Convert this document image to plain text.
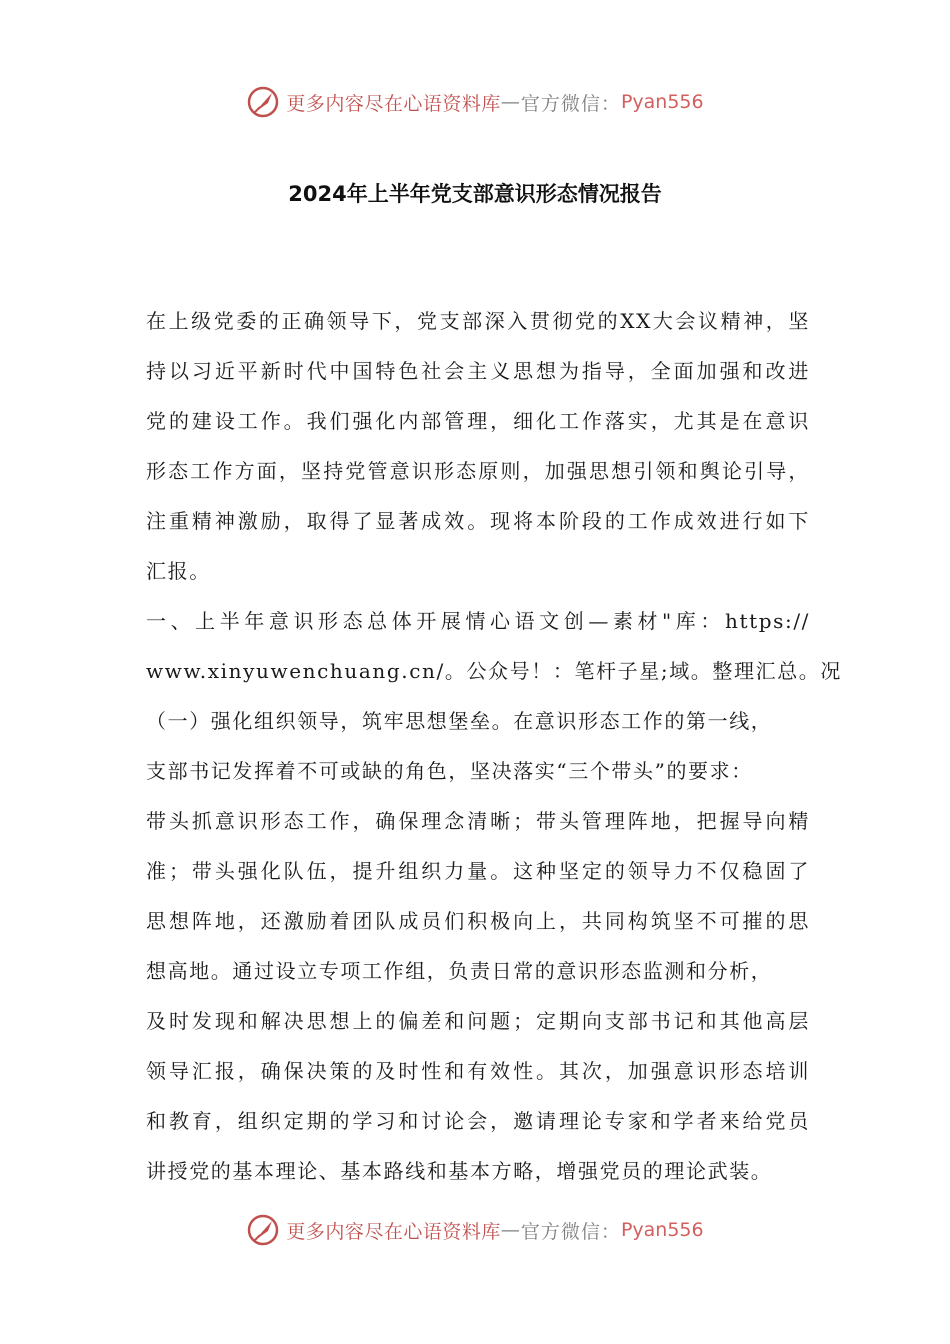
更多内容尽在心语资料库 — 官方微信： Pyan556
2024年上半年党支部意识形态情况报告
在上级党委的正确领导下，党支部深入贯彻党的XX大会议精神，坚
持以习近平新时代中国特色社会主义思想为指导，全面加强和改进
党的建设工作。我们强化内部管理，细化工作落实，尤其是在意识
形态工作方面，坚持党管意识形态原则，加强思想引领和舆论引导，
注重精神激励，取得了显著成效。现将本阶段的工作成效进行如下
汇报。
一、上半年意识形态总体开展情心语文创—素材"库：https://
www.xinyuwenchuang.cn/。公众号！：笔杆子星;域。整理汇总。况
（一）强化组织领导，筑牢思想堡垒。在意识形态工作的第一线，
支部书记发挥着不可或缺的角色，坚决落实“三个带头”的要求：
带头抓意识形态工作，确保理念清晰；带头管理阵地，把握导向精
准；带头强化队伍，提升组织力量。这种坚定的领导力不仅稳固了
思想阵地，还激励着团队成员们积极向上，共同构筑坚不可摧的思
想高地。通过设立专项工作组，负责日常的意识形态监测和分析，
及时发现和解决思想上的偏差和问题；定期向支部书记和其他高层
领导汇报，确保决策的及时性和有效性。其次，加强意识形态培训
和教育，组织定期的学习和讨论会，邀请理论专家和学者来给党员
讲授党的基本理论、基本路线和基本方略，增强党员的理论武装。
更多内容尽在心语资料库 — 官方微信： Pyan556
